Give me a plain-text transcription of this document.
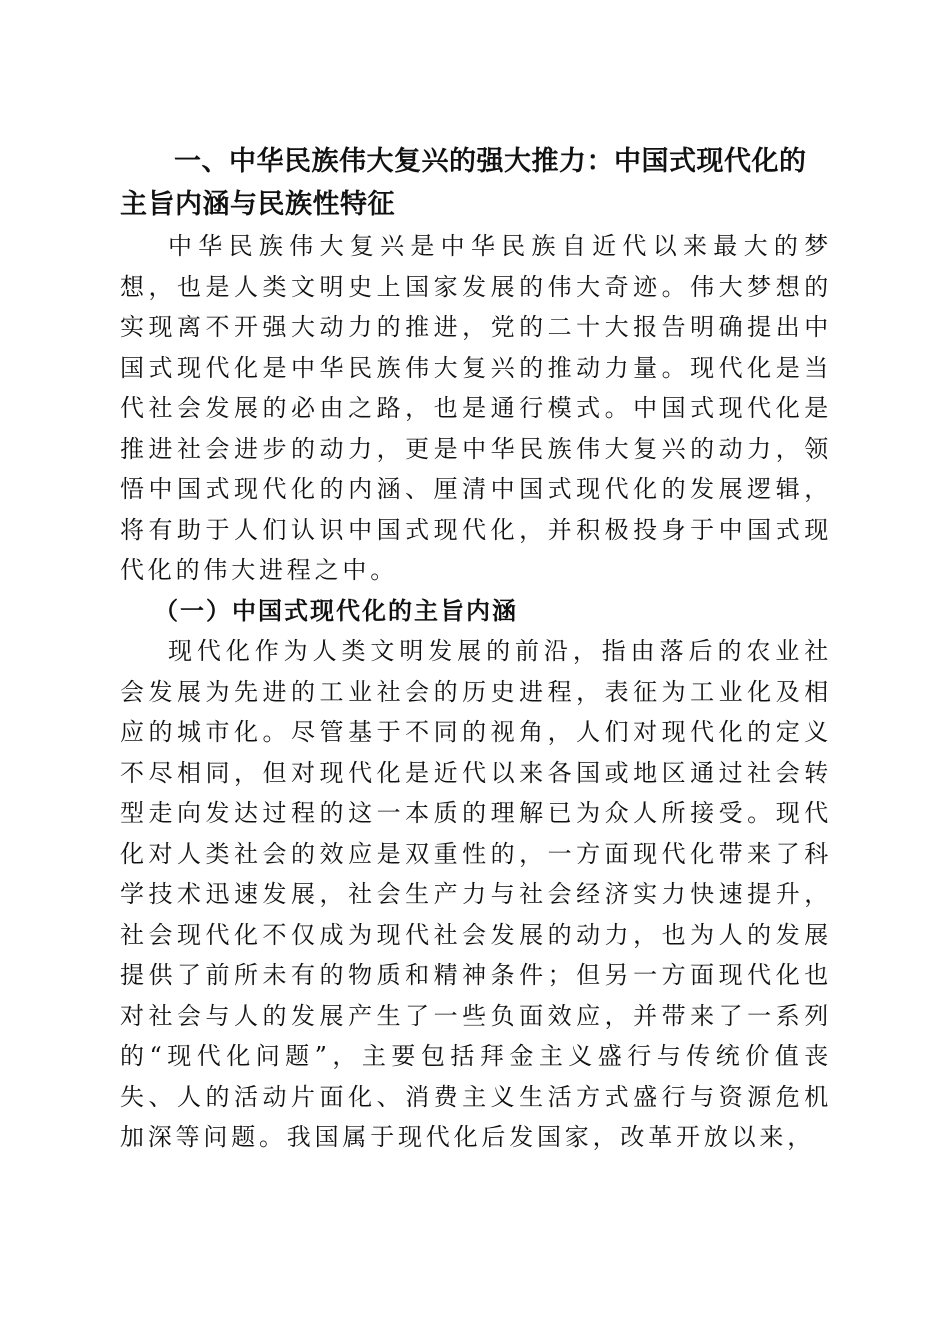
一、中华民族伟大复兴的强大推力：中国式现代化的主旨内涵与民族性特征

中华民族伟大复兴是中华民族自近代以来最大的梦想，也是人类文明史上国家发展的伟大奇迹。伟大梦想的实现离不开强大动力的推进，党的二十大报告明确提出中国式现代化是中华民族伟大复兴的推动力量。现代化是当代社会发展的必由之路，也是通行模式。中国式现代化是推进社会进步的动力，更是中华民族伟大复兴的动力，领悟中国式现代化的内涵、厘清中国式现代化的发展逻辑，将有助于人们认识中国式现代化，并积极投身于中国式现代化的伟大进程之中。

（一）中国式现代化的主旨内涵

现代化作为人类文明发展的前沿，指由落后的农业社会发展为先进的工业社会的历史进程，表征为工业化及相应的城市化。尽管基于不同的视角，人们对现代化的定义不尽相同，但对现代化是近代以来各国或地区通过社会转型走向发达过程的这一本质的理解已为众人所接受。现代化对人类社会的效应是双重性的，一方面现代化带来了科学技术迅速发展，社会生产力与社会经济实力快速提升，社会现代化不仅成为现代社会发展的动力，也为人的发展提供了前所未有的物质和精神条件；但另一方面现代化也对社会与人的发展产生了一些负面效应，并带来了一系列的“现代化问题”，主要包括拜金主义盛行与传统价值丧失、人的活动片面化、消费主义生活方式盛行与资源危机加深等问题。我国属于现代化后发国家，改革开放以来，
